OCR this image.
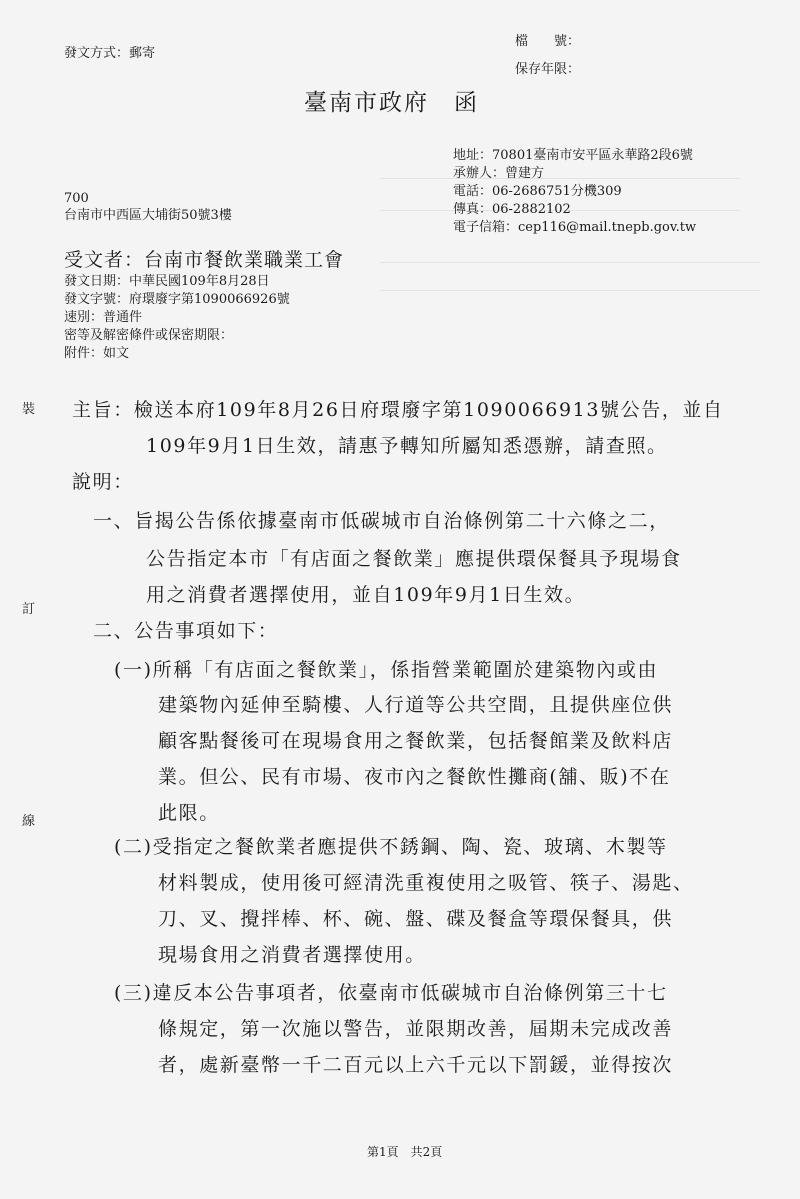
發文方式：郵寄
檔　　號：
保存年限：
臺南市政府　函
地址：70801臺南市安平區永華路2段6號
承辦人：曾建方
電話：06-2686751分機309
傳真：06-2882102
電子信箱：cep116@mail.tnepb.gov.tw
700
台南市中西區大埔街50號3樓
受文者：台南市餐飲業職業工會
發文日期：中華民國109年8月28日
發文字號：府環廢字第1090066926號
速別：普通件
密等及解密條件或保密期限：
附件：如文
裝
訂
線
主旨：檢送本府109年8月26日府環廢字第1090066913號公告，並自
109年9月1日生效，請惠予轉知所屬知悉憑辦，請查照。
說明：
一、旨揭公告係依據臺南市低碳城市自治條例第二十六條之二，
公告指定本市「有店面之餐飲業」應提供環保餐具予現場食
用之消費者選擇使用，並自109年9月1日生效。
二、公告事項如下：
(一)所稱「有店面之餐飲業」，係指營業範圍於建築物內或由
建築物內延伸至騎樓、人行道等公共空間，且提供座位供
顧客點餐後可在現場食用之餐飲業，包括餐館業及飲料店
業。但公、民有市場、夜市內之餐飲性攤商(舖、販)不在
此限。
(二)受指定之餐飲業者應提供不銹鋼、陶、瓷、玻璃、木製等
材料製成，使用後可經清洗重複使用之吸管、筷子、湯匙、
刀、叉、攪拌棒、杯、碗、盤、碟及餐盒等環保餐具，供
現場食用之消費者選擇使用。
(三)違反本公告事項者，依臺南市低碳城市自治條例第三十七
條規定，第一次施以警告，並限期改善，屆期未完成改善
者，處新臺幣一千二百元以上六千元以下罰鍰，並得按次
第1頁　共2頁
